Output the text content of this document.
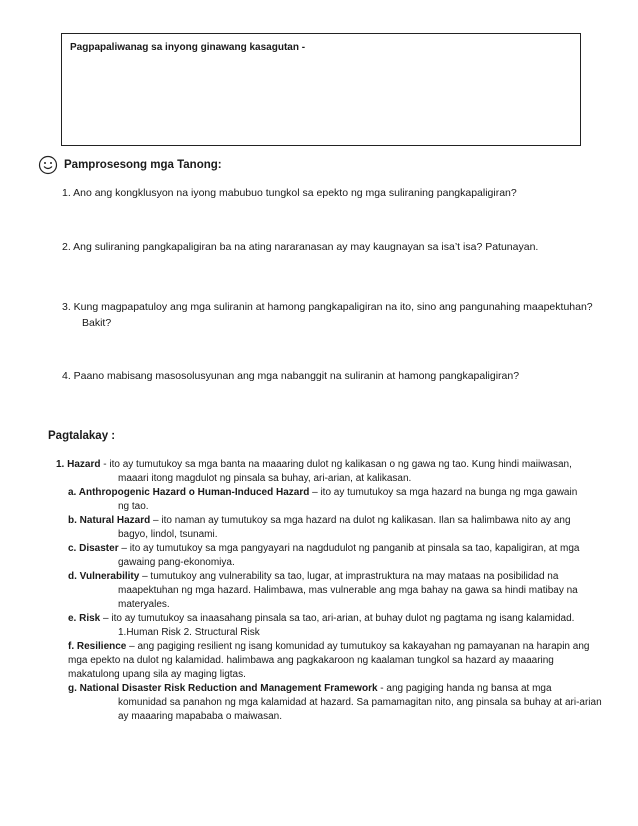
Pagpapaliwanag sa inyong ginawang kasagutan -
Pamprosesong mga Tanong:
1. Ano ang kongklusyon na iyong mabubuo tungkol sa epekto ng mga suliraning pangkapaligiran?
2. Ang suliraning pangkapaligiran ba na ating nararanasan ay may kaugnayan sa isa’t isa? Patunayan.
3. Kung magpapatuloy ang mga suliranin at hamong pangkapaligiran na ito, sino ang pangunahing maapektuhan?
Bakit?
4. Paano mabisang masosolusyunan ang mga nabanggit na suliranin at hamong pangkapaligiran?
Pagtalakay :
1. Hazard - ito ay tumutukoy sa mga banta na maaaring dulot ng kalikasan o ng gawa ng tao. Kung hindi maiiwasan,
maaari itong magdulot ng pinsala sa buhay, ari-arian, at kalikasan.
a. Anthropogenic Hazard o Human-Induced Hazard – ito ay tumutukoy sa mga hazard na bunga ng mga gawain
ng tao.
b. Natural Hazard – ito naman ay tumutukoy sa mga hazard na dulot ng kalikasan. Ilan sa halimbawa nito ay ang
bagyo, lindol, tsunami.
c. Disaster – ito ay tumutukoy sa mga pangyayari na nagdudulot ng panganib at pinsala sa tao, kapaligiran, at mga
gawaing pang-ekonomiya.
d. Vulnerability – tumutukoy ang vulnerability sa tao, lugar, at imprastruktura na may mataas na posibilidad na
maapektuhan ng mga hazard. Halimbawa, mas vulnerable ang mga bahay na gawa sa hindi matibay na materyales.
e. Risk – ito ay tumutukoy sa inaasahang pinsala sa tao, ari-arian, at buhay dulot ng pagtama ng isang kalamidad.
1.Human Risk 2. Structural Risk
f. Resilience – ang pagiging resilient ng isang komunidad ay tumutukoy sa kakayahan ng pamayanan na harapin ang
mga epekto na dulot ng kalamidad. halimbawa ang pagkakaroon ng kaalaman tungkol sa hazard ay maaaring makatulong upang sila ay maging ligtas.
g. National Disaster Risk Reduction and Management Framework - ang pagiging handa ng bansa at mga
komunidad sa panahon ng mga kalamidad at hazard. Sa pamamagitan nito, ang pinsala sa buhay at ari-arian ay maaaring mapababa o maiwasan.
